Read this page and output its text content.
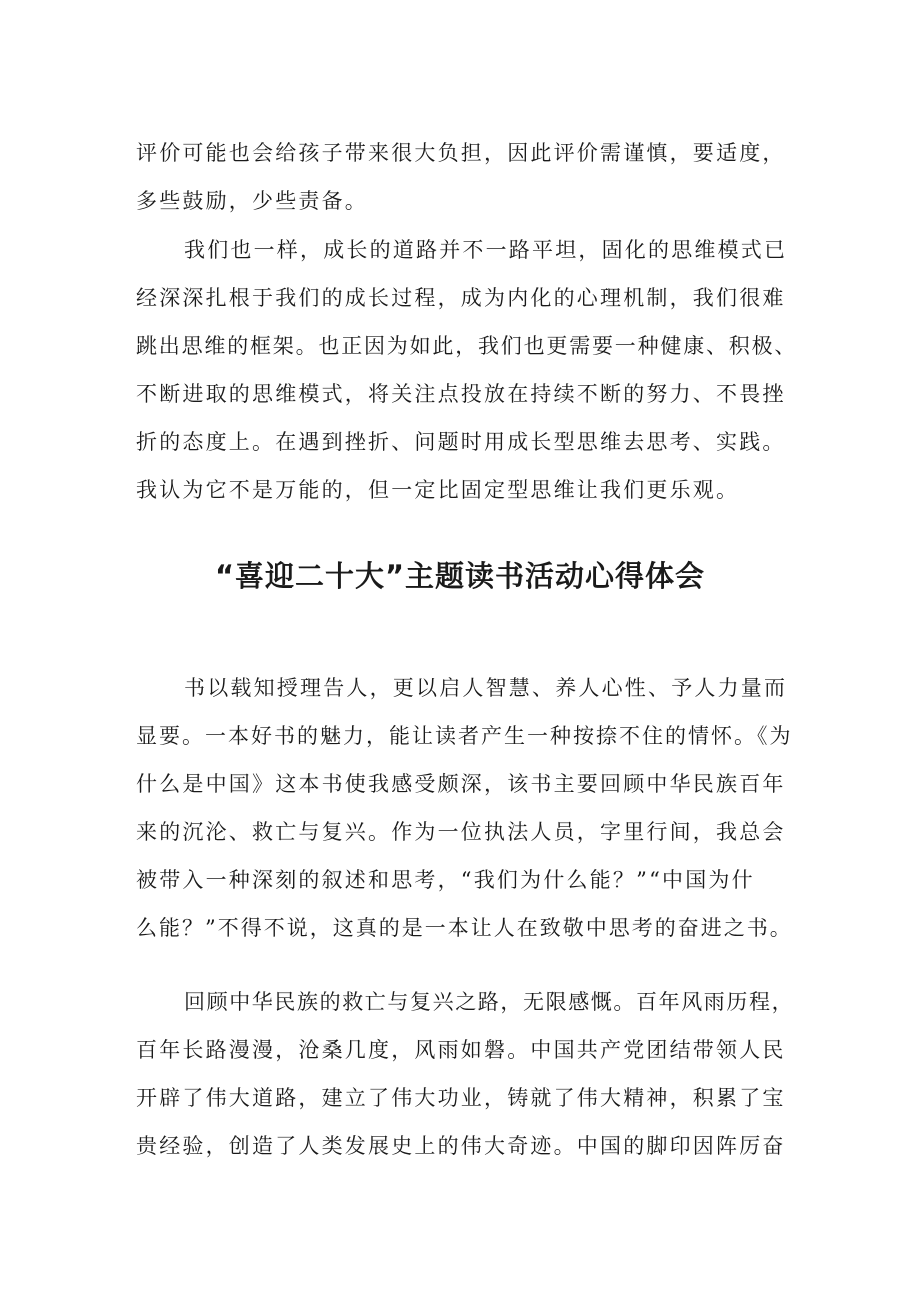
评价可能也会给孩子带来很大负担，因此评价需谨慎，要适度，

多些鼓励，少些责备。

我们也一样，成长的道路并不一路平坦，固化的思维模式已

经深深扎根于我们的成长过程，成为内化的心理机制，我们很难

跳出思维的框架。也正因为如此，我们也更需要一种健康、积极、

不断进取的思维模式，将关注点投放在持续不断的努力、不畏挫

折的态度上。在遇到挫折、问题时用成长型思维去思考、实践。

我认为它不是万能的，但一定比固定型思维让我们更乐观。

“喜迎二十大”主题读书活动心得体会

书以载知授理告人，更以启人智慧、养人心性、予人力量而

显要。一本好书的魅力，能让读者产生一种按捺不住的情怀。《为

什么是中国》这本书使我感受颇深，该书主要回顾中华民族百年

来的沉沦、救亡与复兴。作为一位执法人员，字里行间，我总会

被带入一种深刻的叙述和思考，“我们为什么能？”“中国为什

么能？”不得不说，这真的是一本让人在致敬中思考的奋进之书。

回顾中华民族的救亡与复兴之路，无限感慨。百年风雨历程，

百年长路漫漫，沧桑几度，风雨如磐。中国共产党团结带领人民

开辟了伟大道路，建立了伟大功业，铸就了伟大精神，积累了宝

贵经验，创造了人类发展史上的伟大奇迹。中国的脚印因阵厉奋
